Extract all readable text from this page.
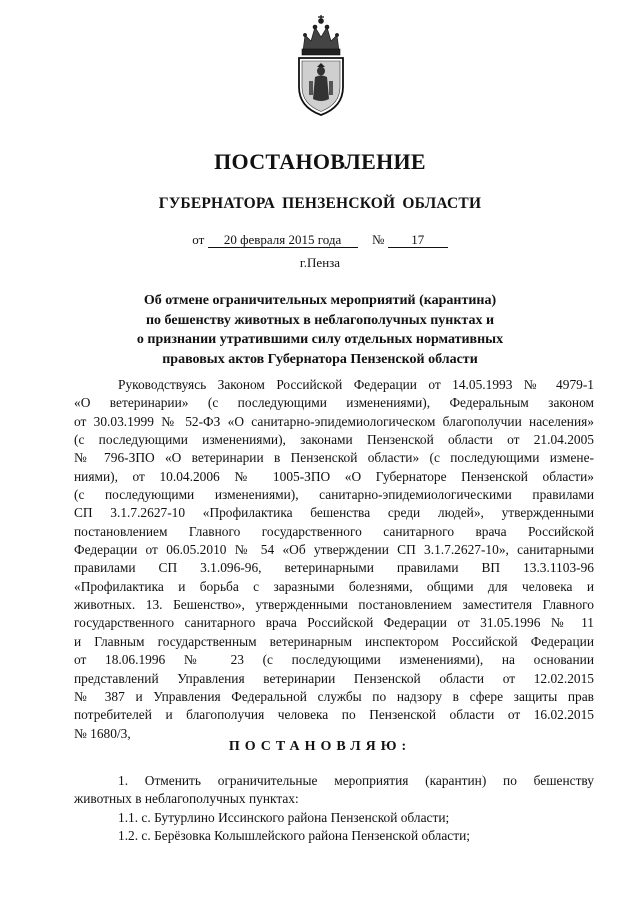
ПОСТАНОВЛЕНИЕ
ГУБЕРНАТОРА ПЕНЗЕНСКОЙ ОБЛАСТИ
от 20 февраля 2015 года № 17
г.Пенза
Об отмене ограничительных мероприятий (карантина)
по бешенству животных в неблагополучных пунктах и
о признании утратившими силу отдельных нормативных
правовых актов Губернатора Пензенской области
Руководствуясь Законом Российской Федерации от 14.05.1993 № 4979-1
«О ветеринарии» (с последующими изменениями), Федеральным законом
от 30.03.1999 № 52-ФЗ «О санитарно-эпидемиологическом благополучии населения»
(с последующими изменениями), законами Пензенской области от 21.04.2005
№ 796-ЗПО «О ветеринарии в Пензенской области» (с последующими измене-
ниями), от 10.04.2006 № 1005-ЗПО «О Губернаторе Пензенской области»
(с последующими изменениями), санитарно-эпидемиологическими правилами
СП 3.1.7.2627-10 «Профилактика бешенства среди людей», утвержденными
постановлением Главного государственного санитарного врача Российской
Федерации от 06.05.2010 № 54 «Об утверждении СП 3.1.7.2627-10», санитарными
правилами СП 3.1.096-96, ветеринарными правилами ВП 13.3.1103-96
«Профилактика и борьба с заразными болезнями, общими для человека и
животных. 13. Бешенство», утвержденными постановлением заместителя Главного
государственного санитарного врача Российской Федерации от 31.05.1996 № 11
и Главным государственным ветеринарным инспектором Российской Федерации
от 18.06.1996 № 23 (с последующими изменениями), на основании
представлений Управления ветеринарии Пензенской области от 12.02.2015
№ 387 и Управления Федеральной службы по надзору в сфере защиты прав
потребителей и благополучия человека по Пензенской области от 16.02.2015
№ 1680/3,
ПОСТАНОВЛЯЮ:
1. Отменить ограничительные мероприятия (карантин) по бешенству
животных в неблагополучных пунктах:
1.1. с. Бутурлино Иссинского района Пензенской области;
1.2. с. Берёзовка Колышлейского района Пензенской области;
